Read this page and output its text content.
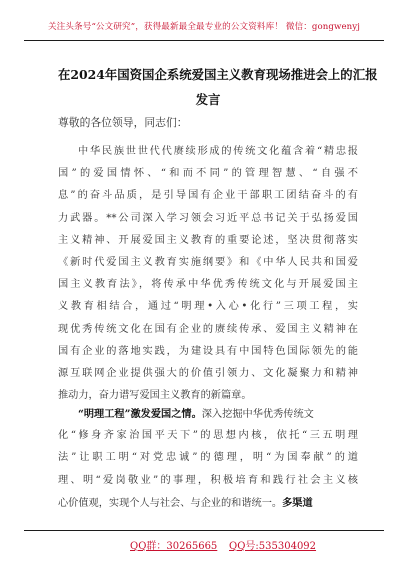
关注头条号“公文研究”，获得最新最全最专业的公文资料库！ 微信：gongwenyj
在2024年国资国企系统爱国主义教育现场推进会上的汇报
发言
尊敬的各位领导，同志们：
中华民族世世代代赓续形成的传统文化蕴含着“精忠报
国”的爱国情怀、“和而不同”的管理智慧、“自强不
息”的奋斗品质，是引导国有企业干部职工团结奋斗的有
力武器。**公司深入学习领会习近平总书记关于弘扬爱国
主义精神、开展爱国主义教育的重要论述，坚决贯彻落实
《新时代爱国主义教育实施纲要》和《中华人民共和国爱
国主义教育法》，将传承中华优秀传统文化与开展爱国主
义教育相结合，通过“明理•入心•化行”三项工程，实
现优秀传统文化在国有企业的赓续传承、爱国主义精神在
国有企业的落地实践，为建设具有中国特色国际领先的能
源互联网企业提供强大的价值引领力、文化凝聚力和精神
推动力，奋力谱写爱国主义教育的新篇章。
“明理工程”激发爱国之情。深入挖掘中华优秀传统文
化“修身齐家治国平天下”的思想内核，依托“三五明理
法”让职工明“对党忠诚”的德理，明“为国奉献”的道
理、明“爱岗敬业”的事理，积极培育和践行社会主义核
心价值观，实现个人与社会、与企业的和谐统一。多渠道
QQ群：30265665 QQ号:535304092
